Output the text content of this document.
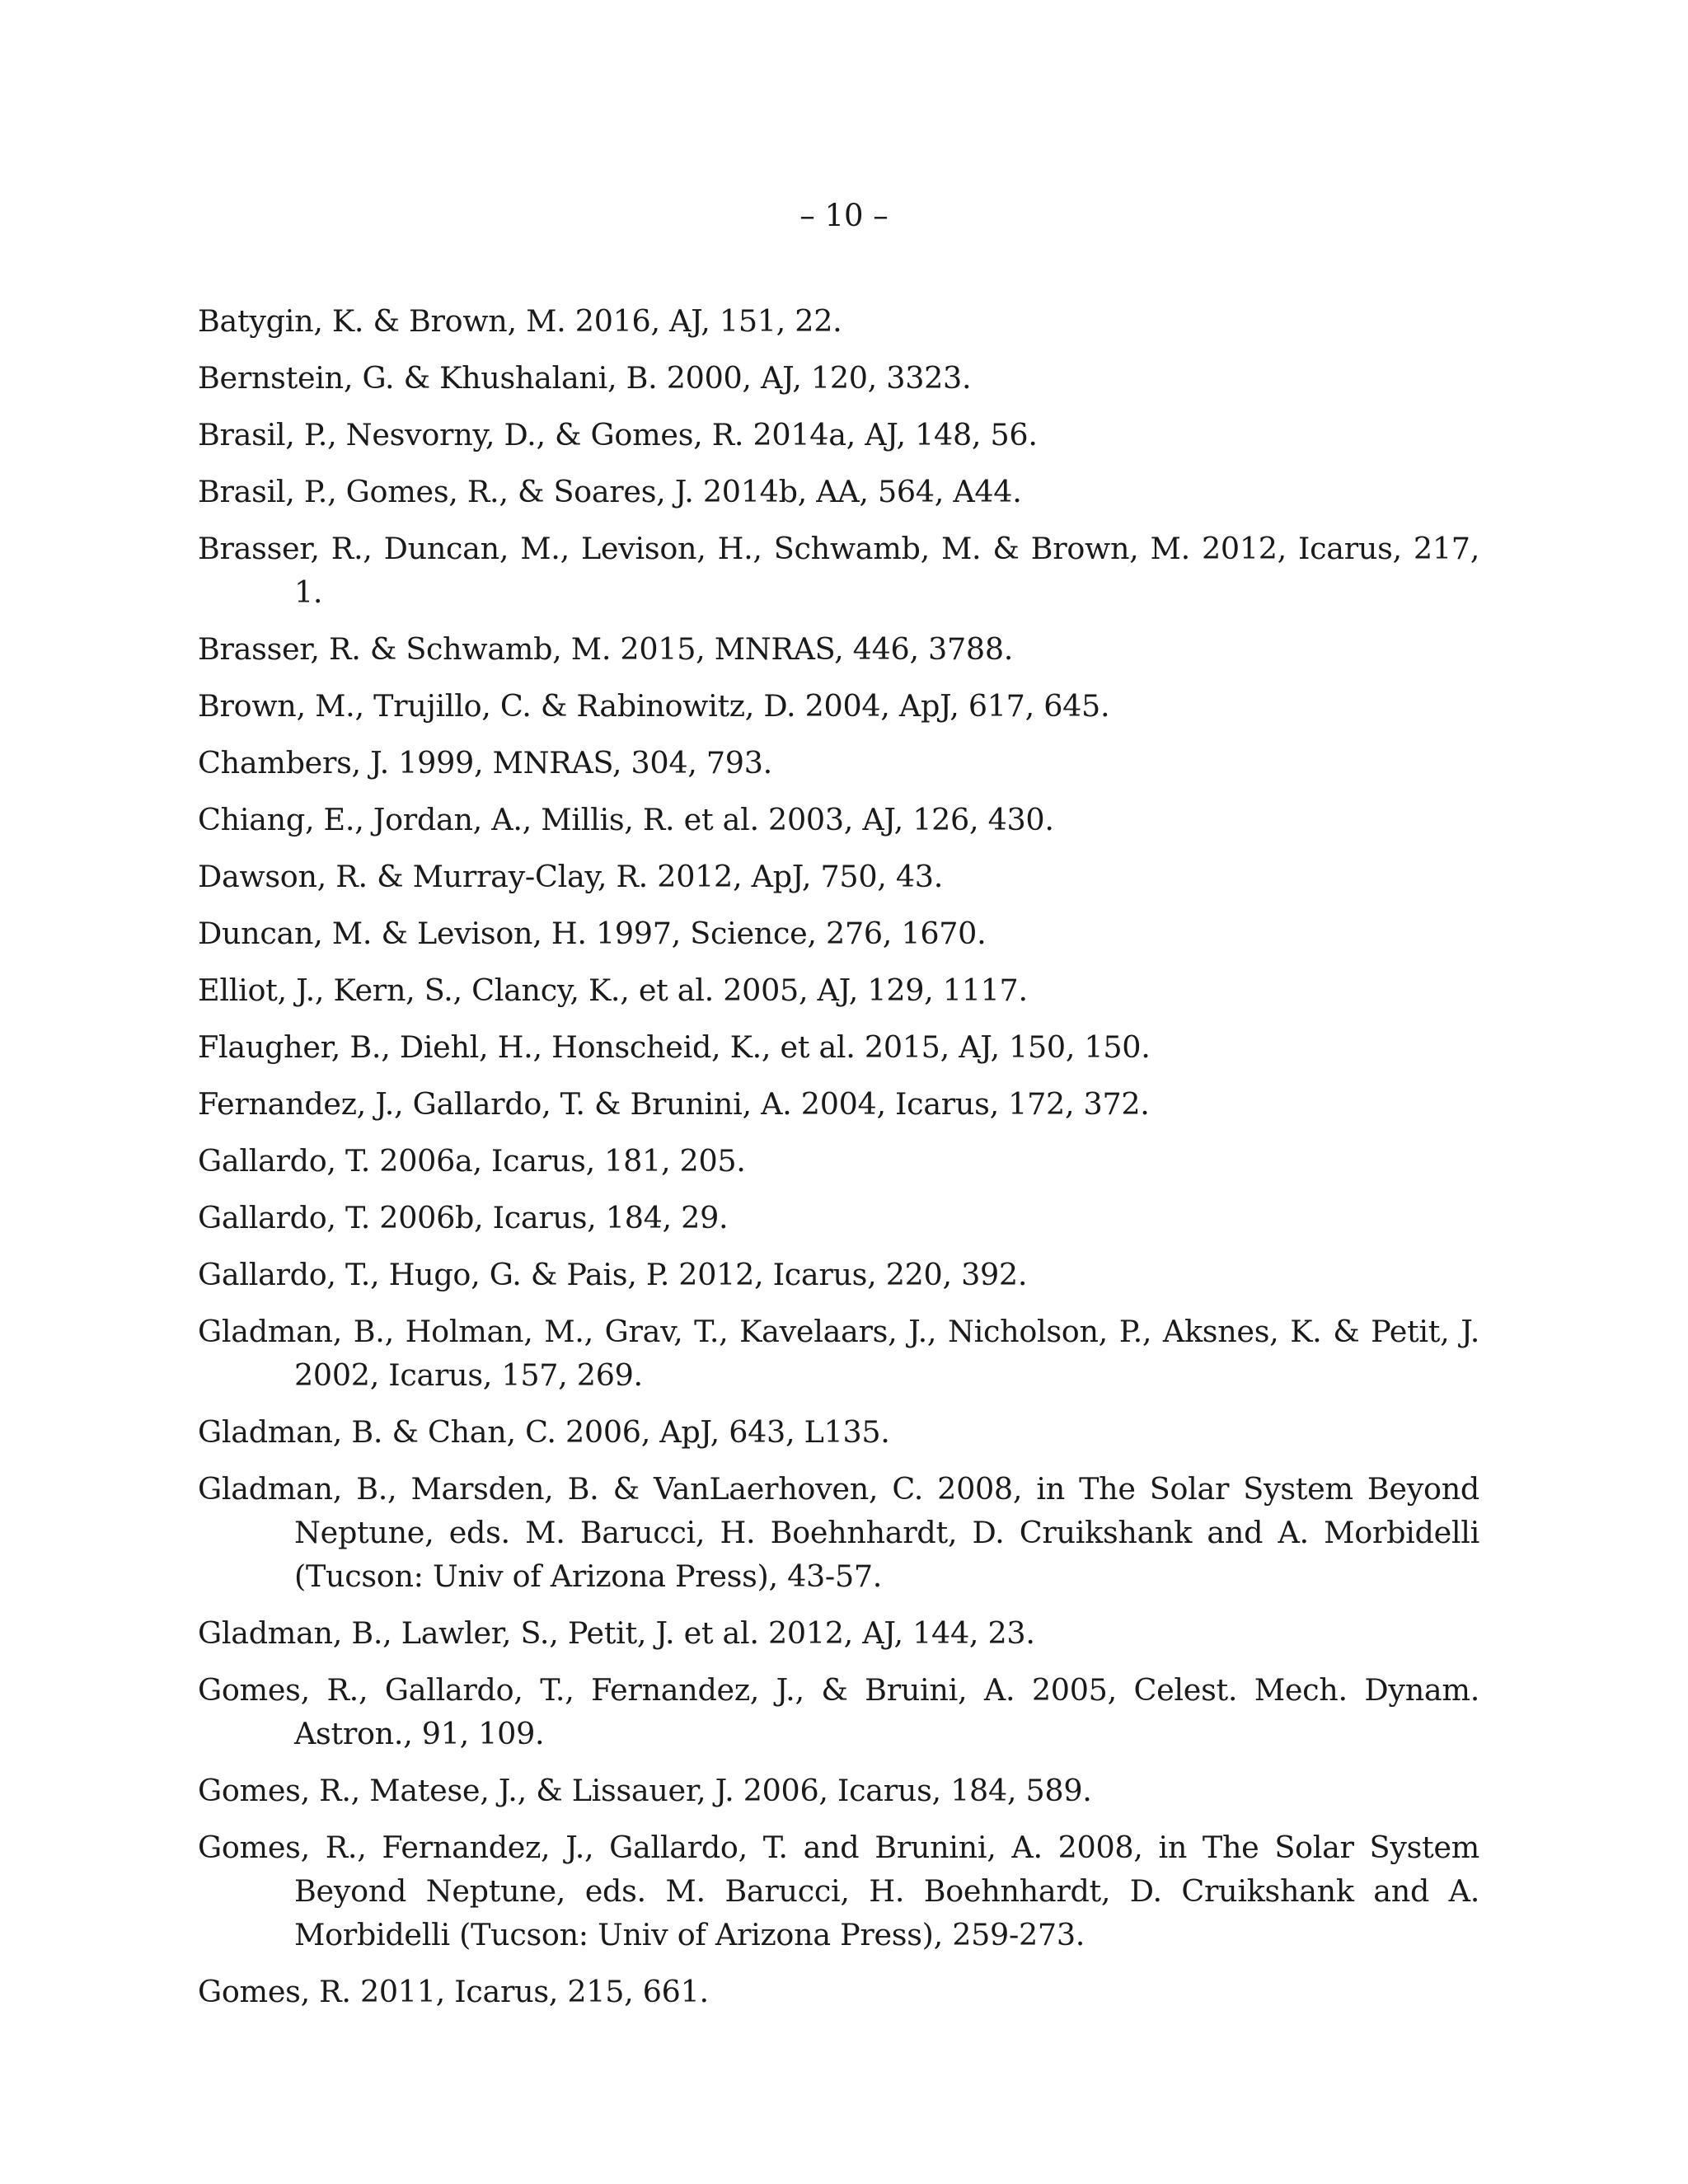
– 10 –
Batygin, K. & Brown, M. 2016, AJ, 151, 22.
Bernstein, G. & Khushalani, B. 2000, AJ, 120, 3323.
Brasil, P., Nesvorny, D., & Gomes, R. 2014a, AJ, 148, 56.
Brasil, P., Gomes, R., & Soares, J. 2014b, AA, 564, A44.
Brasser, R., Duncan, M., Levison, H., Schwamb, M. & Brown, M. 2012, Icarus, 217, 1.
Brasser, R. & Schwamb, M. 2015, MNRAS, 446, 3788.
Brown, M., Trujillo, C. & Rabinowitz, D. 2004, ApJ, 617, 645.
Chambers, J. 1999, MNRAS, 304, 793.
Chiang, E., Jordan, A., Millis, R. et al. 2003, AJ, 126, 430.
Dawson, R. & Murray-Clay, R. 2012, ApJ, 750, 43.
Duncan, M. & Levison, H. 1997, Science, 276, 1670.
Elliot, J., Kern, S., Clancy, K., et al. 2005, AJ, 129, 1117.
Flaugher, B., Diehl, H., Honscheid, K., et al. 2015, AJ, 150, 150.
Fernandez, J., Gallardo, T. & Brunini, A. 2004, Icarus, 172, 372.
Gallardo, T. 2006a, Icarus, 181, 205.
Gallardo, T. 2006b, Icarus, 184, 29.
Gallardo, T., Hugo, G. & Pais, P. 2012, Icarus, 220, 392.
Gladman, B., Holman, M., Grav, T., Kavelaars, J., Nicholson, P., Aksnes, K. & Petit, J. 2002, Icarus, 157, 269.
Gladman, B. & Chan, C. 2006, ApJ, 643, L135.
Gladman, B., Marsden, B. & VanLaerhoven, C. 2008, in The Solar System Beyond Neptune, eds. M. Barucci, H. Boehnhardt, D. Cruikshank and A. Morbidelli (Tucson: Univ of Arizona Press), 43-57.
Gladman, B., Lawler, S., Petit, J. et al. 2012, AJ, 144, 23.
Gomes, R., Gallardo, T., Fernandez, J., & Bruini, A. 2005, Celest. Mech. Dynam. Astron., 91, 109.
Gomes, R., Matese, J., & Lissauer, J. 2006, Icarus, 184, 589.
Gomes, R., Fernandez, J., Gallardo, T. and Brunini, A. 2008, in The Solar System Beyond Neptune, eds. M. Barucci, H. Boehnhardt, D. Cruikshank and A. Morbidelli (Tucson: Univ of Arizona Press), 259-273.
Gomes, R. 2011, Icarus, 215, 661.
